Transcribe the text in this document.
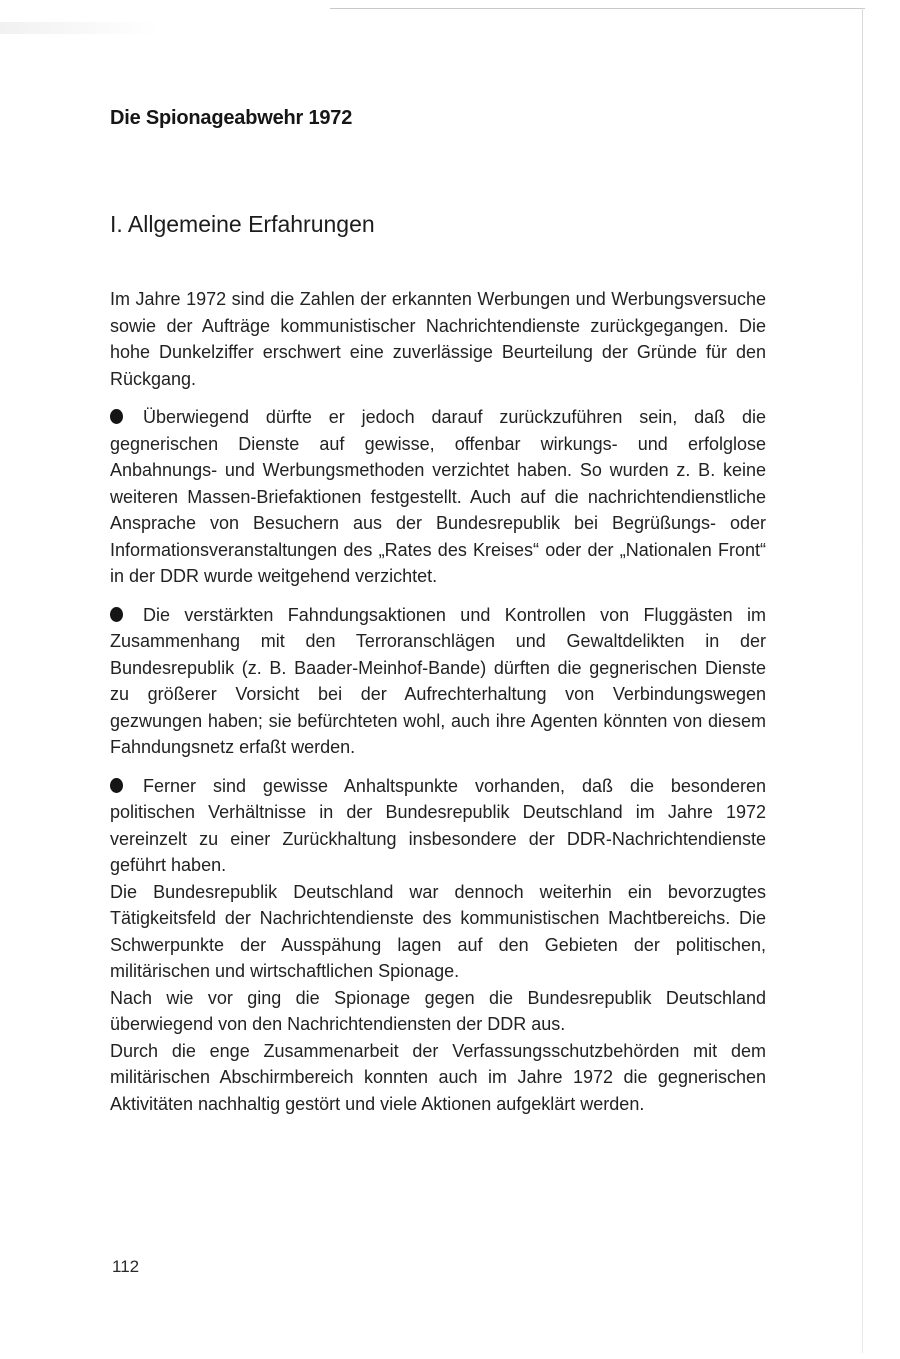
Die Spionageabwehr 1972
I. Allgemeine Erfahrungen

Im Jahre 1972 sind die Zahlen der erkannten Werbungen und Werbungsversuche sowie der Aufträge kommunistischer Nachrichtendienste zurückgegangen. Die hohe Dunkelziffer erschwert eine zuverlässige Beurteilung der Gründe für den Rückgang.

Überwiegend dürfte er jedoch darauf zurückzuführen sein, daß die gegnerischen Dienste auf gewisse, offenbar wirkungs- und erfolglose Anbahnungs- und Werbungsmethoden verzichtet haben. So wurden z. B. keine weiteren Massen-Briefaktionen festgestellt. Auch auf die nachrichtendienstliche Ansprache von Besuchern aus der Bundesrepublik bei Begrüßungs- oder Informationsveranstaltungen des „Rates des Kreises“ oder der „Nationalen Front“ in der DDR wurde weitgehend verzichtet.

Die verstärkten Fahndungsaktionen und Kontrollen von Fluggästen im Zusammenhang mit den Terroranschlägen und Gewaltdelikten in der Bundesrepublik (z. B. Baader-Meinhof-Bande) dürften die gegnerischen Dienste zu größerer Vorsicht bei der Aufrechterhaltung von Verbindungswegen gezwungen haben; sie befürchteten wohl, auch ihre Agenten könnten von diesem Fahndungsnetz erfaßt werden.

Ferner sind gewisse Anhaltspunkte vorhanden, daß die besonderen politischen Verhältnisse in der Bundesrepublik Deutschland im Jahre 1972 vereinzelt zu einer Zurückhaltung insbesondere der DDR-Nachrichtendienste geführt haben.

Die Bundesrepublik Deutschland war dennoch weiterhin ein bevorzugtes Tätigkeitsfeld der Nachrichtendienste des kommunistischen Machtbereichs. Die Schwerpunkte der Ausspähung lagen auf den Gebieten der politischen, militärischen und wirtschaftlichen Spionage.

Nach wie vor ging die Spionage gegen die Bundesrepublik Deutschland überwiegend von den Nachrichtendiensten der DDR aus.

Durch die enge Zusammenarbeit der Verfassungsschutzbehörden mit dem militärischen Abschirmbereich konnten auch im Jahre 1972 die gegnerischen Aktivitäten nachhaltig gestört und viele Aktionen aufgeklärt werden.

112
